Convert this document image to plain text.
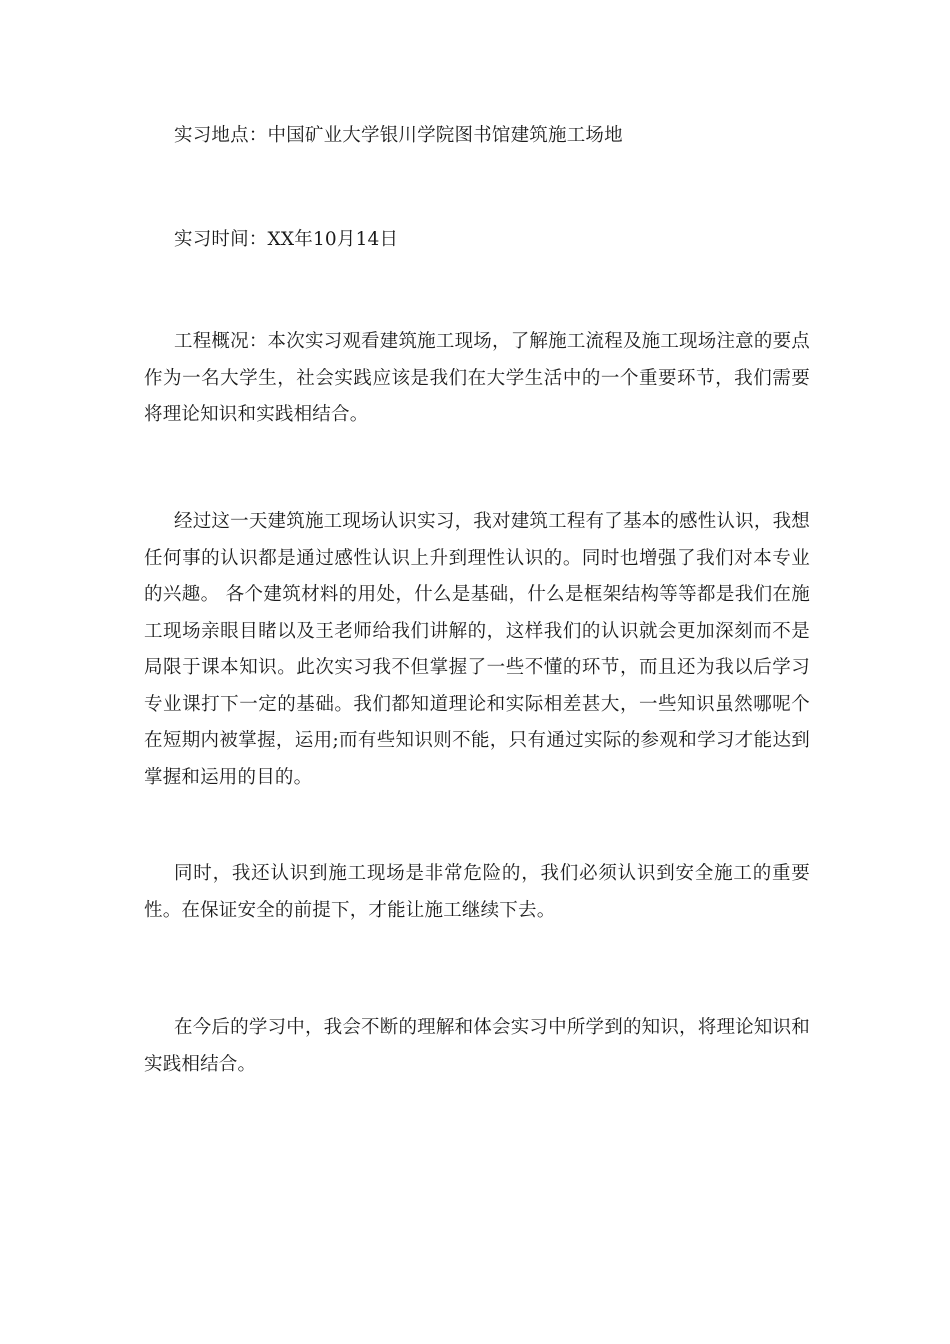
实习地点：中国矿业大学银川学院图书馆建筑施工场地

实习时间：XX年10月14日

工程概况：本次实习观看建筑施工现场，了解施工流程及施工现场注意的要点 作为一名大学生，社会实践应该是我们在大学生活中的一个重要环节，我们需要将理论知识和实践相结合。

经过这一天建筑施工现场认识实习，我对建筑工程有了基本的感性认识，我想任何事的认识都是通过感性认识上升到理性认识的。同时也增强了我们对本专业的兴趣。 各个建筑材料的用处，什么是基础，什么是框架结构等等都是我们在施工现场亲眼目睹以及王老师给我们讲解的，这样我们的认识就会更加深刻而不是局限于课本知识。此次实习我不但掌握了一些不懂的环节，而且还为我以后学习专业课打下一定的基础。我们都知道理论和实际相差甚大，一些知识虽然哪呢个在短期内被掌握，运用;而有些知识则不能，只有通过实际的参观和学习才能达到掌握和运用的目的。

同时，我还认识到施工现场是非常危险的，我们必须认识到安全施工的重要性。在保证安全的前提下，才能让施工继续下去。

在今后的学习中，我会不断的理解和体会实习中所学到的知识，将理论知识和实践相结合。
